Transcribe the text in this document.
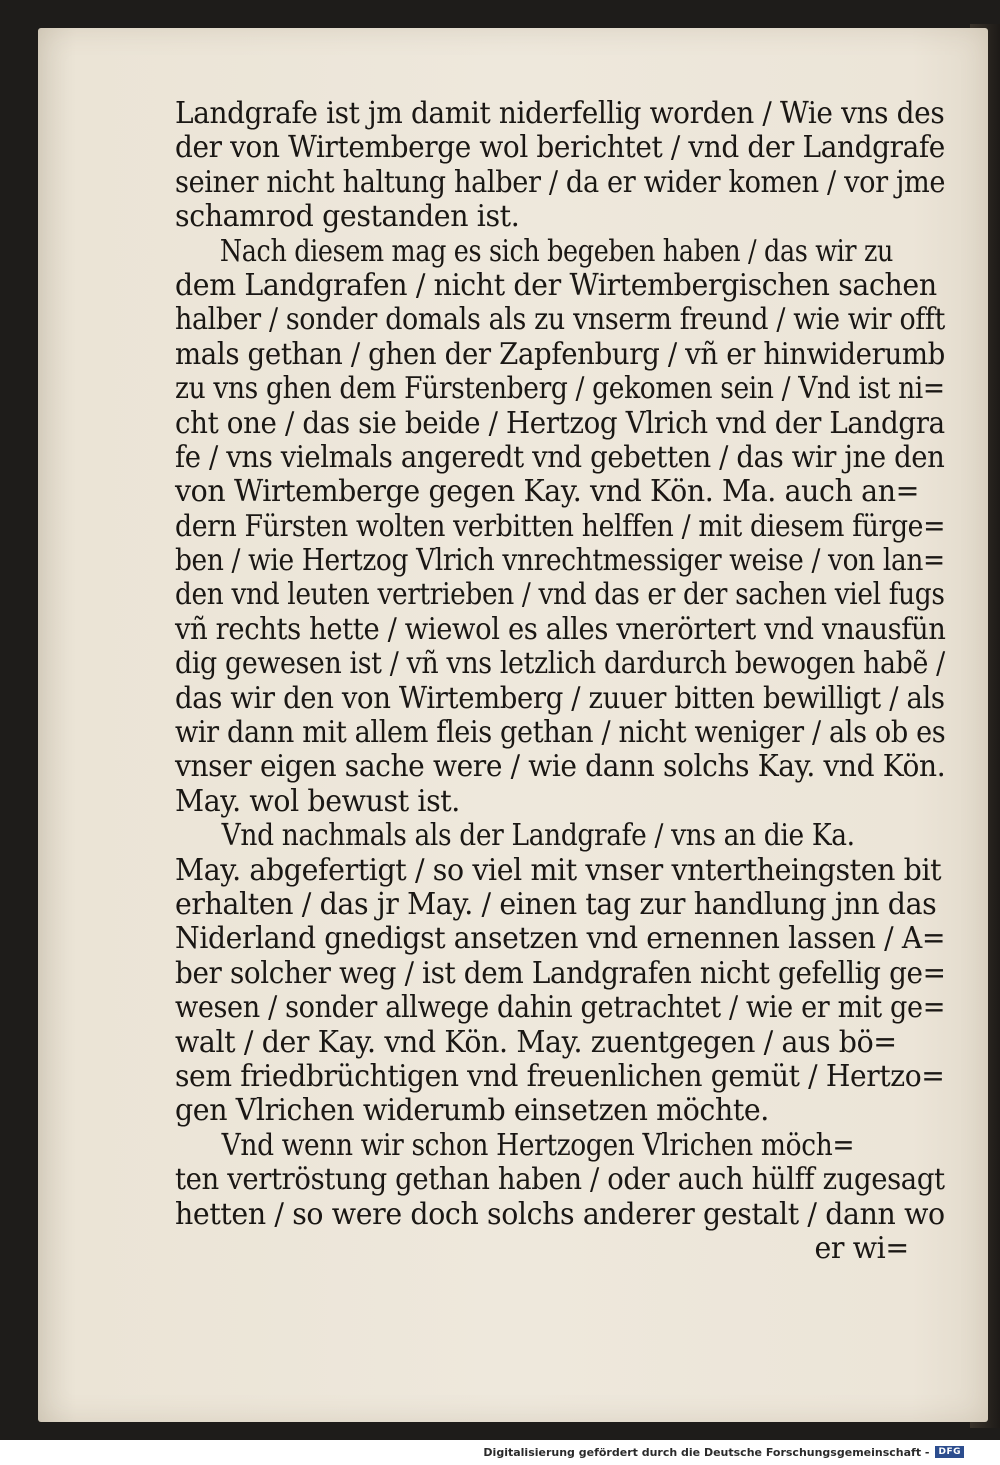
Landgrafe ist jm damit niderfellig worden / Wie vns des
der von Wirtemberge wol berichtet / vnd der Landgrafe
seiner nicht haltung halber / da er wider komen / vor jme
schamrod gestanden ist.
Nach diesem mag es sich begeben haben / das wir zu
dem Landgrafen / nicht der Wirtembergischen sachen
halber / sonder domals als zu vnserm freund / wie wir offt
mals gethan / ghen der Zapfenburg / vñ er hinwiderumb
zu vns ghen dem Fürstenberg / gekomen sein / Vnd ist ni=
cht one / das sie beide / Hertzog Vlrich vnd der Landgra
fe / vns vielmals angeredt vnd gebetten / das wir jne den
von Wirtemberge gegen Kay. vnd Kön. Ma. auch an=
dern Fürsten wolten verbitten helffen / mit diesem fürge=
ben / wie Hertzog Vlrich vnrechtmessiger weise / von lan=
den vnd leuten vertrieben / vnd das er der sachen viel fugs
vñ rechts hette / wiewol es alles vnerörtert vnd vnausfün
dig gewesen ist / vñ vns letzlich dardurch bewogen habẽ /
das wir den von Wirtemberg / zuuer bitten bewilligt / als
wir dann mit allem fleis gethan / nicht weniger / als ob es
vnser eigen sache were / wie dann solchs Kay. vnd Kön.
May. wol bewust ist.
Vnd nachmals als der Landgrafe / vns an die Ka.
May. abgefertigt / so viel mit vnser vntertheingsten bit
erhalten / das jr May. / einen tag zur handlung jnn das
Niderland gnedigst ansetzen vnd ernennen lassen / A=
ber solcher weg / ist dem Landgrafen nicht gefellig ge=
wesen / sonder allwege dahin getrachtet / wie er mit ge=
walt / der Kay. vnd Kön. May. zuentgegen / aus bö=
sem friedbrüchtigen vnd freuenlichen gemüt / Hertzo=
gen Vlrichen widerumb einsetzen möchte.
Vnd wenn wir schon Hertzogen Vlrichen möch=
ten vertröstung gethan haben / oder auch hülff zugesagt
hetten / so were doch solchs anderer gestalt / dann wo
er wi=
Digitalisierung gefördert durch die Deutsche Forschungsgemeinschaft -	DFG
